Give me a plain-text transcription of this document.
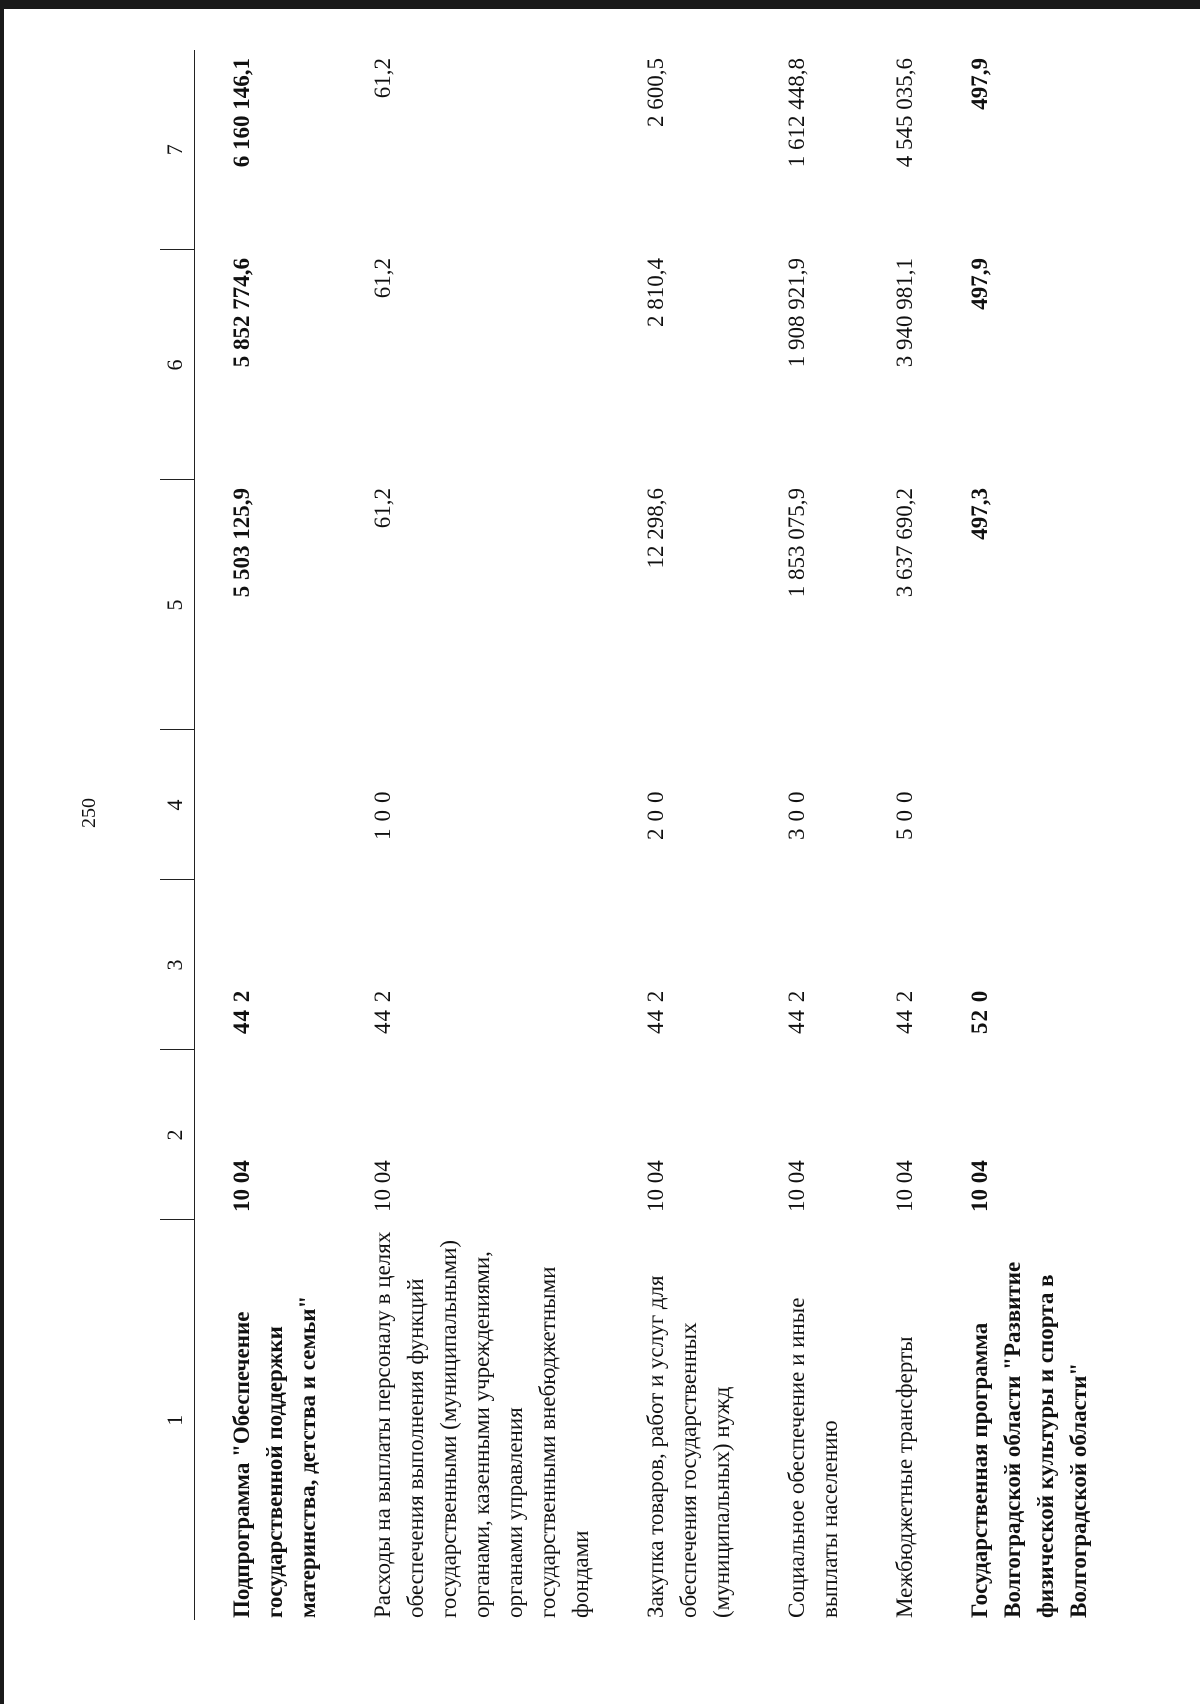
250
1	2	3	4	5	6	7

Подпрограмма "Обеспечение государственной поддержки материнства, детства и семьи"	10 04	44 2		5 503 125,9	5 852 774,6	6 160 146,1
Расходы на выплаты персоналу в целях обеспечения выполнения функций государственными (муниципальными) органами, казенными учреждениями, органами управления государственными внебюджетными фондами	10 04	44 2	100	61,2	61,2	61,2
Закупка товаров, работ и услуг для обеспечения государственных (муниципальных) нужд	10 04	44 2	200	12 298,6	2 810,4	2 600,5
Социальное обеспечение и иные выплаты населению	10 04	44 2	300	1 853 075,9	1 908 921,9	1 612 448,8
Межбюджетные трансферты	10 04	44 2	500	3 637 690,2	3 940 981,1	4 545 035,6
Государственная программа Волгоградской области "Развитие физической культуры и спорта в Волгоградской области"	10 04	52 0		497,3	497,9	497,9
